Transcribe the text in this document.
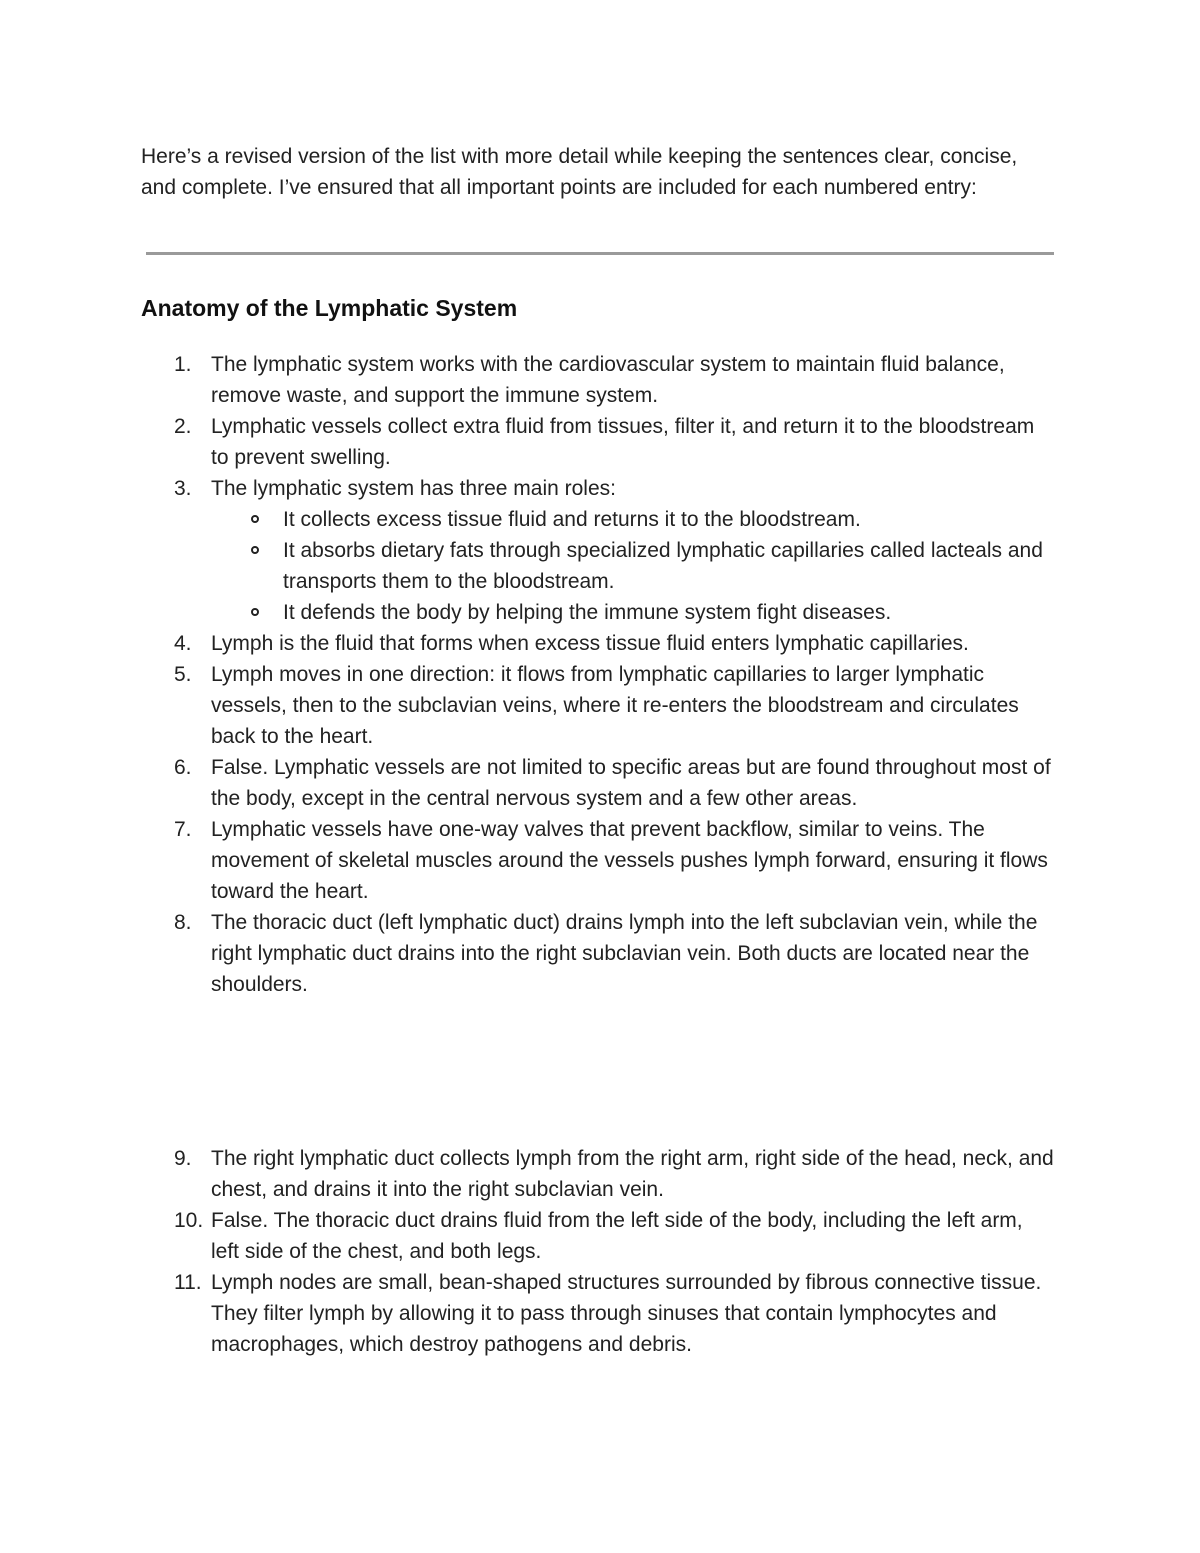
Here’s a revised version of the list with more detail while keeping the sentences clear, concise, and complete. I’ve ensured that all important points are included for each numbered entry:

Anatomy of the Lymphatic System
1. The lymphatic system works with the cardiovascular system to maintain fluid balance, remove waste, and support the immune system.
2. Lymphatic vessels collect extra fluid from tissues, filter it, and return it to the bloodstream to prevent swelling.
3. The lymphatic system has three main roles:
It collects excess tissue fluid and returns it to the bloodstream.
It absorbs dietary fats through specialized lymphatic capillaries called lacteals and transports them to the bloodstream.
It defends the body by helping the immune system fight diseases.
4. Lymph is the fluid that forms when excess tissue fluid enters lymphatic capillaries.
5. Lymph moves in one direction: it flows from lymphatic capillaries to larger lymphatic vessels, then to the subclavian veins, where it re-enters the bloodstream and circulates back to the heart.
6. False. Lymphatic vessels are not limited to specific areas but are found throughout most of the body, except in the central nervous system and a few other areas.
7. Lymphatic vessels have one-way valves that prevent backflow, similar to veins. The movement of skeletal muscles around the vessels pushes lymph forward, ensuring it flows toward the heart.
8. The thoracic duct (left lymphatic duct) drains lymph into the left subclavian vein, while the right lymphatic duct drains into the right subclavian vein. Both ducts are located near the shoulders.
9. The right lymphatic duct collects lymph from the right arm, right side of the head, neck, and chest, and drains it into the right subclavian vein.
10. False. The thoracic duct drains fluid from the left side of the body, including the left arm, left side of the chest, and both legs.
11. Lymph nodes are small, bean-shaped structures surrounded by fibrous connective tissue. They filter lymph by allowing it to pass through sinuses that contain lymphocytes and macrophages, which destroy pathogens and debris.
